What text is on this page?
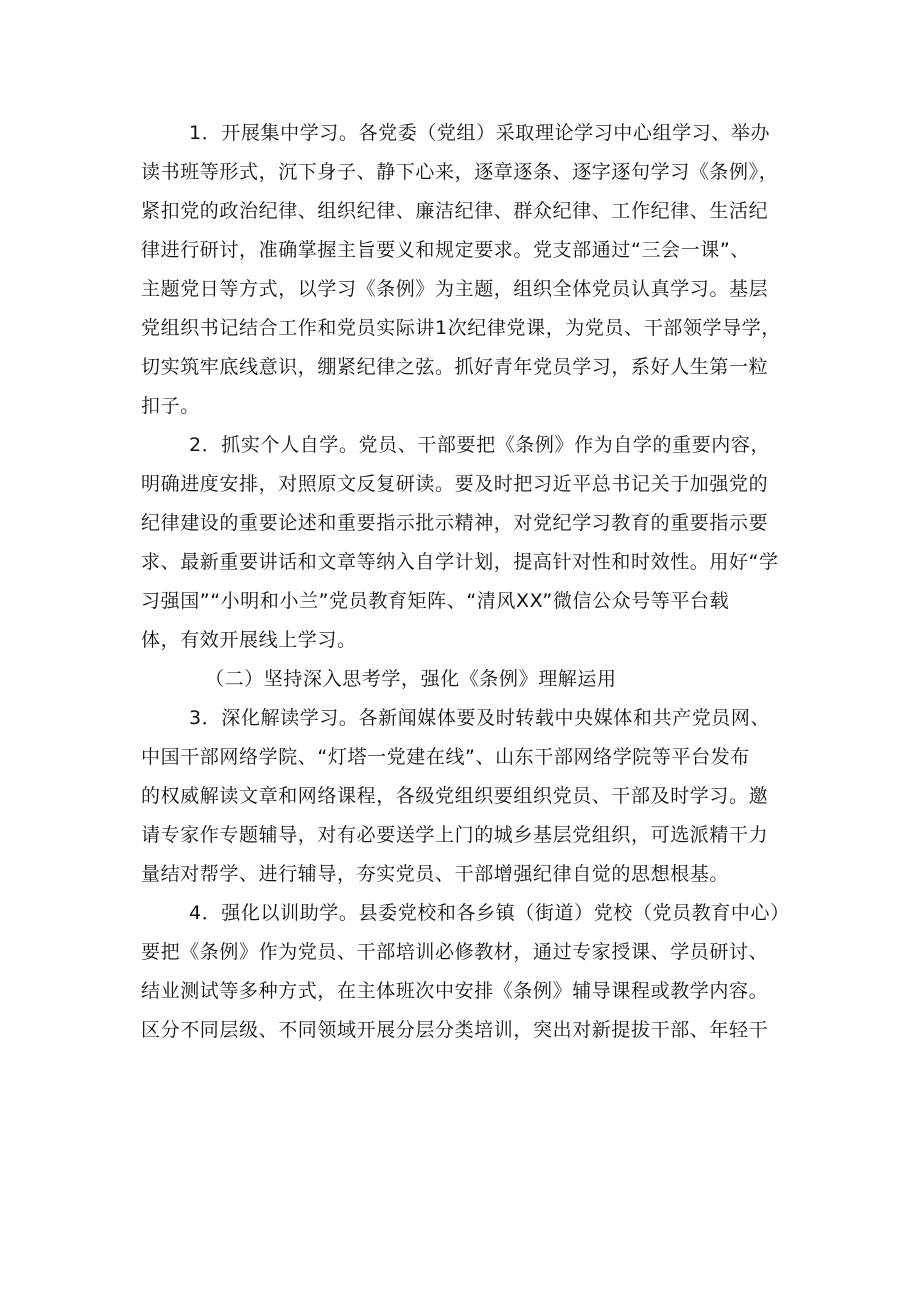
1．开展集中学习。各党委（党组）采取理论学习中心组学习、举办
读书班等形式，沉下身子、静下心来，逐章逐条、逐字逐句学习《条例》，
紧扣党的政治纪律、组织纪律、廉洁纪律、群众纪律、工作纪律、生活纪
律进行研讨，准确掌握主旨要义和规定要求。党支部通过“三会一课”、
主题党日等方式，以学习《条例》为主题，组织全体党员认真学习。基层
党组织书记结合工作和党员实际讲1次纪律党课，为党员、干部领学导学，
切实筑牢底线意识，绷紧纪律之弦。抓好青年党员学习，系好人生第一粒
扣子。
2．抓实个人自学。党员、干部要把《条例》作为自学的重要内容，
明确进度安排，对照原文反复研读。要及时把习近平总书记关于加强党的
纪律建设的重要论述和重要指示批示精神，对党纪学习教育的重要指示要
求、最新重要讲话和文章等纳入自学计划，提高针对性和时效性。用好“学
习强国”“小明和小兰”党员教育矩阵、“清风XX”微信公众号等平台载
体，有效开展线上学习。
（二）坚持深入思考学，强化《条例》理解运用
3．深化解读学习。各新闻媒体要及时转载中央媒体和共产党员网、
中国干部网络学院、“灯塔一党建在线”、山东干部网络学院等平台发布
的权威解读文章和网络课程，各级党组织要组织党员、干部及时学习。邀
请专家作专题辅导，对有必要送学上门的城乡基层党组织，可选派精干力
量结对帮学、进行辅导，夯实党员、干部增强纪律自觉的思想根基。
4．强化以训助学。县委党校和各乡镇（街道）党校（党员教育中心）
要把《条例》作为党员、干部培训必修教材，通过专家授课、学员研讨、
结业测试等多种方式，在主体班次中安排《条例》辅导课程或教学内容。
区分不同层级、不同领域开展分层分类培训，突出对新提拔干部、年轻干
